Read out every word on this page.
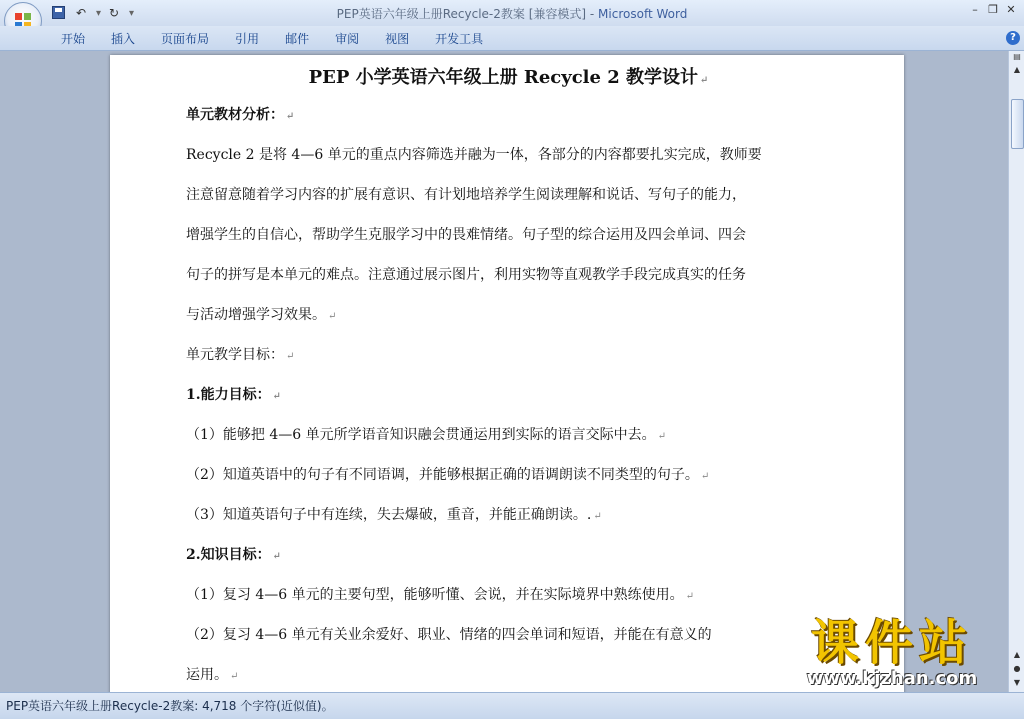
↶ ▾ ↻ ▾	PEP英语六年级上册Recycle-2教案 [兼容模式] - Microsoft Word	– ❐ ✕
开始	插入	页面布局	引用	邮件	审阅	视图	开发工具	?
PEP 小学英语六年级上册 Recycle 2 教学设计 ↵
单元教材分析： ↵
Recycle 2 是将 4—6 单元的重点内容筛选并融为一体，各部分的内容都要扎实完成，教师要
注意留意随着学习内容的扩展有意识、有计划地培养学生阅读理解和说话、写句子的能力，
增强学生的自信心，帮助学生克服学习中的畏难情绪。句子型的综合运用及四会单词、四会
句子的拼写是本单元的难点。注意通过展示图片，利用实物等直观教学手段完成真实的任务
与活动增强学习效果。 ↵
单元教学目标： ↵
1.能力目标： ↵
（1）能够把 4—6 单元所学语音知识融会贯通运用到实际的语言交际中去。 ↵
（2）知道英语中的句子有不同语调，并能够根据正确的语调朗读不同类型的句子。 ↵
（3）知道英语句子中有连续，失去爆破，重音，并能正确朗读。. ↵
2.知识目标： ↵
（1）复习 4—6 单元的主要句型，能够听懂、会说，并在实际境界中熟练使用。 ↵
（2）复习 4—6 单元有关业余爱好、职业、情绪的四会单词和短语，并能在有意义的
运用。 ↵
▤
▲
▲
●
▼
PEP英语六年级上册Recycle-2教案: 4,718 个字符(近似值)。
课件站
www.kjzhan.com
